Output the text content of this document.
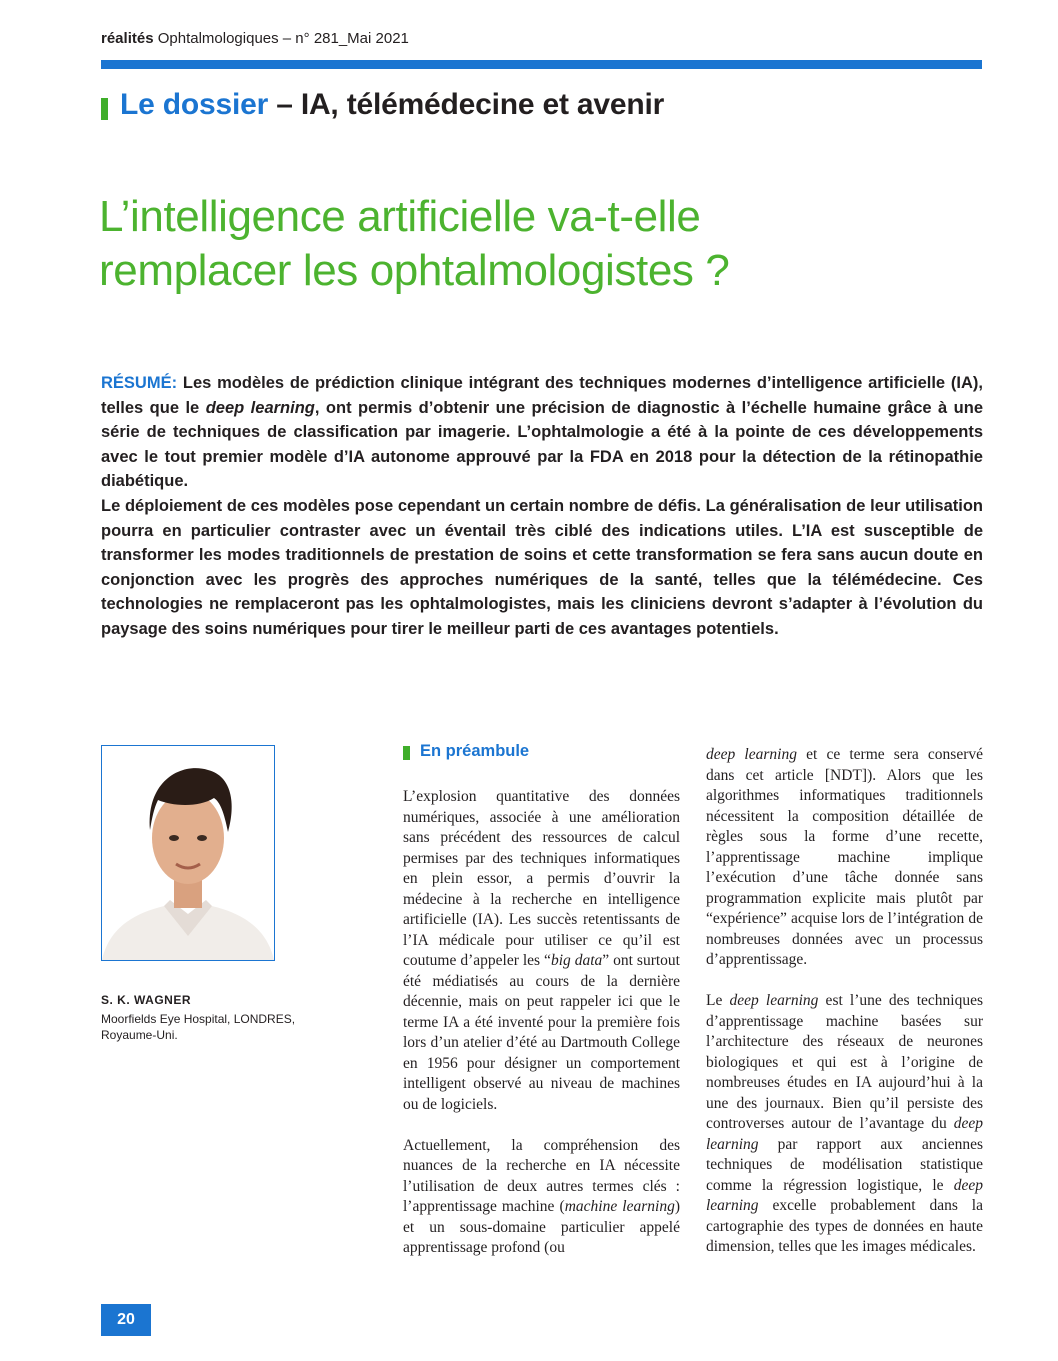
réalités Ophtalmologiques – n° 281_Mai 2021
Le dossier – IA, télémédecine et avenir
L’intelligence artificielle va-t-elle
remplacer les ophtalmologistes ?

RÉSUMÉ: Les modèles de prédiction clinique intégrant des techniques modernes d’intelligence artificielle (IA), telles que le deep learning, ont permis d’obtenir une précision de diagnostic à l’échelle humaine grâce à une série de techniques de classification par imagerie. L’ophtalmologie a été à la pointe de ces développements avec le tout premier modèle d’IA autonome approuvé par la FDA en 2018 pour la détection de la rétinopathie diabétique.

Le déploiement de ces modèles pose cependant un certain nombre de défis. La généralisation de leur utilisation pourra en particulier contraster avec un éventail très ciblé des indications utiles. L’IA est susceptible de transformer les modes traditionnels de prestation de soins et cette transformation se fera sans aucun doute en conjonction avec les progrès des approches numériques de la santé, telles que la télémédecine. Ces technologies ne remplaceront pas les ophtalmologistes, mais les cliniciens devront s’adapter à l’évolution du paysage des soins numériques pour tirer le meilleur parti de ces avantages potentiels.

S. K. WAGNER
Moorfields Eye Hospital, LONDRES, Royaume-Uni.
En préambule

L’explosion quantitative des données numériques, associée à une amélioration sans précédent des ressources de calcul permises par des techniques informatiques en plein essor, a permis d’ouvrir la médecine à la recherche en intelligence artificielle (IA). Les succès retentissants de l’IA médicale pour utiliser ce qu’il est coutume d’appeler les “big data” ont surtout été médiatisés au cours de la dernière décennie, mais on peut rappeler ici que le terme IA a été inventé pour la première fois lors d’un atelier d’été au Dartmouth College en 1956 pour désigner un comportement intelligent observé au niveau de machines ou de logiciels.

Actuellement, la compréhension des nuances de la recherche en IA nécessite l’utilisation de deux autres termes clés : l’apprentissage machine (machine learning) et un sous-domaine particulier appelé apprentissage profond (ou

deep learning et ce terme sera conservé dans cet article [NDT]). Alors que les algorithmes informatiques traditionnels nécessitent la composition détaillée de règles sous la forme d’une recette, l’apprentissage machine implique l’exécution d’une tâche donnée sans programmation explicite mais plutôt par “expérience” acquise lors de l’intégration de nombreuses données avec un processus d’apprentissage.

Le deep learning est l’une des techniques d’apprentissage machine basées sur l’architecture des réseaux de neurones biologiques et qui est à l’origine de nombreuses études en IA aujourd’hui à la une des journaux. Bien qu’il persiste des controverses autour de l’avantage du deep learning par rapport aux anciennes techniques de modélisation statistique comme la régression logistique, le deep learning excelle probablement dans la cartographie des types de données en haute dimension, telles que les images médicales.

20
